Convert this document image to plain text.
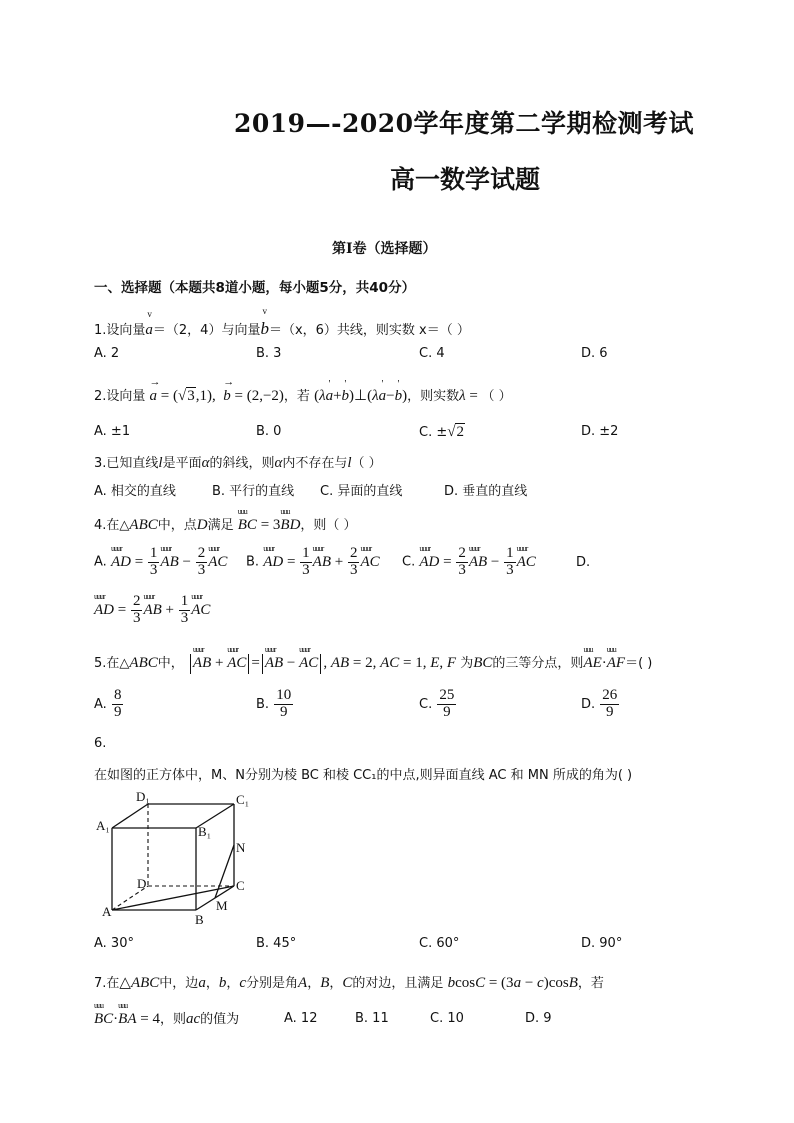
2019—-2020学年度第二学期检测考试
高一数学试题
第Ⅰ卷（选择题）
一、选择题（本题共8道小题，每小题5分，共40分）
1.设向量v a＝（2，4）与向量v b＝（x，6）共线，则实数 x＝（ ）
A. 2	B. 3	C. 4	D. 6
2.设向量 → a = (√3,1),  → b = (2,−2)，若 (λ' a+' b)⊥(λ' a−' b)，则实数λ = （ ）
A. ±1	B. 0	C. ±√2	D. ±2
3.已知直线l是平面α的斜线，则α内不存在与l（ ）
A. 相交的直线	B. 平行的直线 C. 异面的直线	D. 垂直的直线
4.在△ABC中，点D满足 uuu BC = 3uuu BD，则（ ）
A. uuur AD = $\frac{1}{3}$ uuur AB − $\frac{2}{3}$ uuur AC B. uuur AD = $\frac{1}{3}$ uuur AB + $\frac{2}{3}$ uuur AC C. uuur AD = $\frac{2}{3}$ uuur AB − $\frac{1}{3}$ uuur AC	D.
uuur AD = $\frac{2}{3}$ uuur AB + $\frac{1}{3}$ uuur AC
5.在△ABC中， uuur AB + uuur AC = uuur AB − uuur AC , AB = 2, AC = 1, E, F 为BC的三等分点，则uuu AE·uuu AF＝( )
A. $\frac{8}{9}$	B. $\frac{10}{9}$	C. $\frac{25}{9}$	D. $\frac{26}{9}$
6.
在如图的正方体中，M、N分别为棱 BC 和棱 CC₁的中点,则异面直线 AC 和 MN 所成的角为( )
D₁	C₁
A₁	B₁
N
D	C
A	M
B
A. 30°	B. 45°	C. 60°	D. 90°
7.在△ABC中，边a，b，c分别是角A，B，C的对边，且满足 bcosC = (3a − c)cosB，若
uuu BC·uuu BA = 4，则ac的值为	A. 12	B. 11	C. 10	D. 9
